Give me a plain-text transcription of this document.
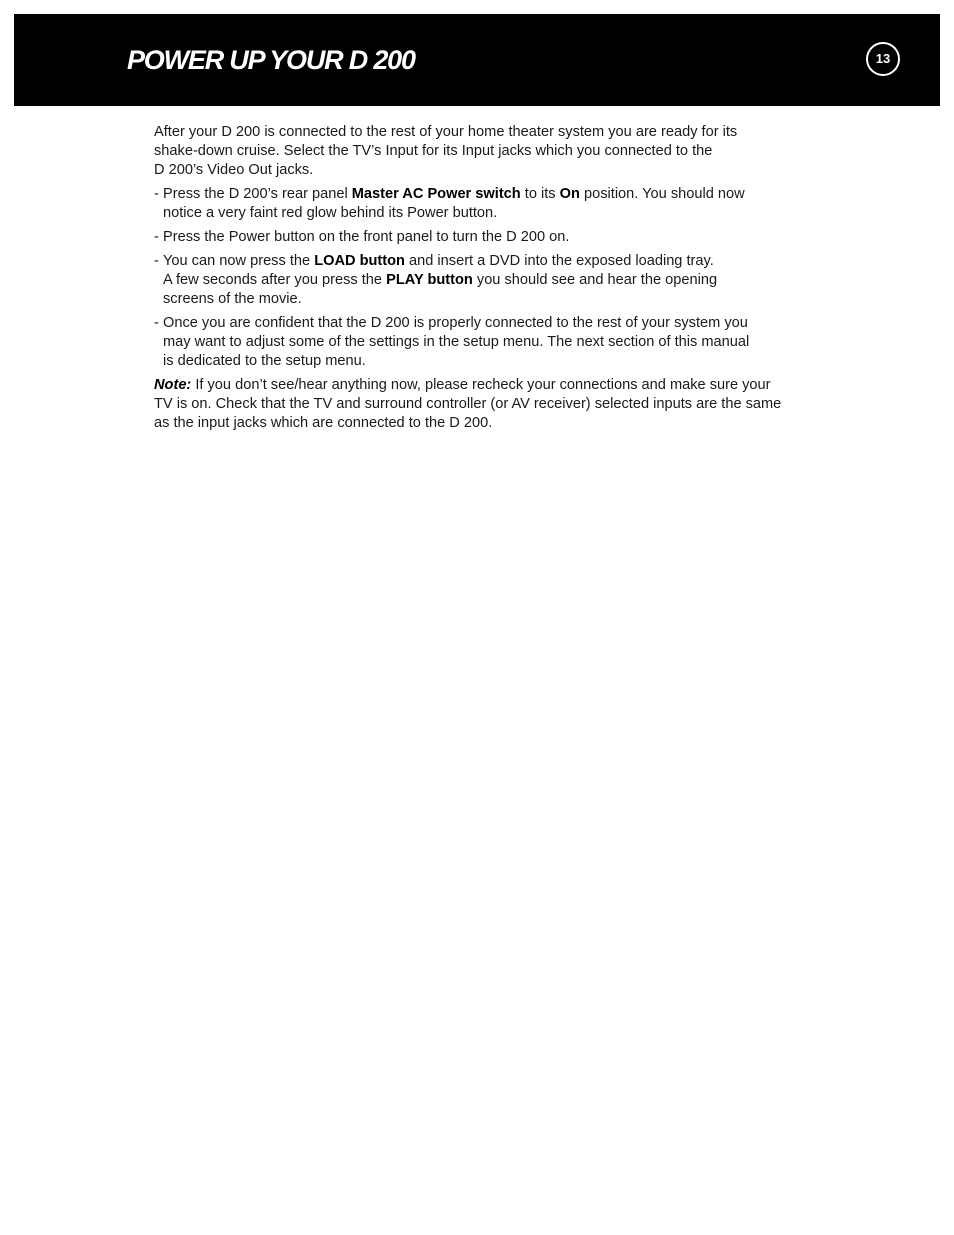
POWER UP YOUR D 200	13

After your D 200 is connected to the rest of your home theater system you are ready for its
shake-down cruise. Select the TV’s Input for its Input jacks which you connected to the
D 200’s Video Out jacks.

- Press the D 200’s rear panel Master AC Power switch to its On position. You should now
notice a very faint red glow behind its Power button.
- Press the Power button on the front panel to turn the D 200 on.
- You can now press the LOAD button and insert a DVD into the exposed loading tray.
A few seconds after you press the PLAY button you should see and hear the opening
screens of the movie.
- Once you are confident that the D 200 is properly connected to the rest of your system you
may want to adjust some of the settings in the setup menu. The next section of this manual
is dedicated to the setup menu.

Note: If you don’t see/hear anything now, please recheck your connections and make sure your
TV is on. Check that the TV and surround controller (or AV receiver) selected inputs are the same
as the input jacks which are connected to the D 200.
